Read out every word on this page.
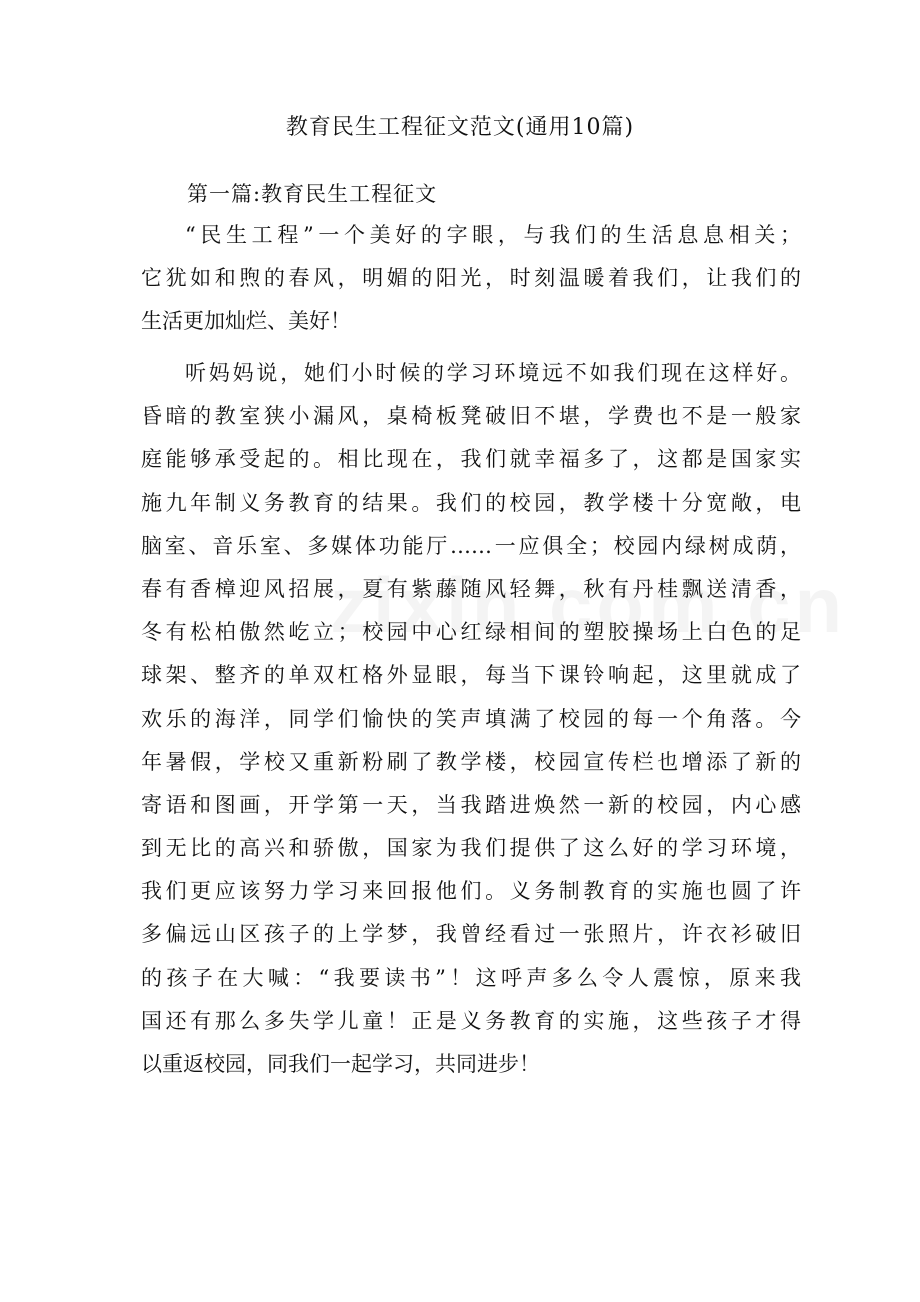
教育民生工程征文范文(通用10篇)
第一篇:教育民生工程征文
“民生工程”一个美好的字眼，与我们的生活息息相关；
它犹如和煦的春风，明媚的阳光，时刻温暖着我们，让我们的
生活更加灿烂、美好！
听妈妈说，她们小时候的学习环境远不如我们现在这样好。
昏暗的教室狭小漏风，桌椅板凳破旧不堪，学费也不是一般家
庭能够承受起的。相比现在，我们就幸福多了，这都是国家实
施九年制义务教育的结果。我们的校园，教学楼十分宽敞，电
脑室、音乐室、多媒体功能厅……一应俱全；校园内绿树成荫，
春有香樟迎风招展，夏有紫藤随风轻舞，秋有丹桂飘送清香，
冬有松柏傲然屹立；校园中心红绿相间的塑胶操场上白色的足
球架、整齐的单双杠格外显眼，每当下课铃响起，这里就成了
欢乐的海洋，同学们愉快的笑声填满了校园的每一个角落。今
年暑假，学校又重新粉刷了教学楼，校园宣传栏也增添了新的
寄语和图画，开学第一天，当我踏进焕然一新的校园，内心感
到无比的高兴和骄傲，国家为我们提供了这么好的学习环境，
我们更应该努力学习来回报他们。义务制教育的实施也圆了许
多偏远山区孩子的上学梦，我曾经看过一张照片，许衣衫破旧
的孩子在大喊：“我要读书”！这呼声多么令人震惊，原来我
国还有那么多失学儿童！正是义务教育的实施，这些孩子才得
以重返校园，同我们一起学习，共同进步！
